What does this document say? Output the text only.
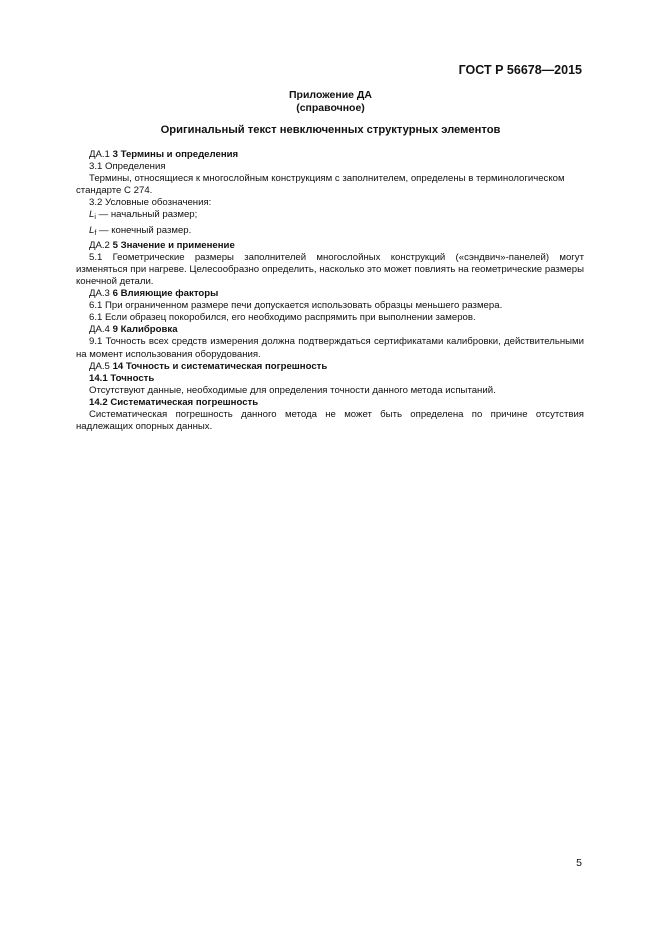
ГОСТ Р 56678—2015
Приложение ДА
(справочное)
Оригинальный текст невключенных структурных элементов

ДА.1 3 Термины и определения

3.1 Определения

Термины, относящиеся к многослойным конструкциям с заполнителем, определены в терминологическом стандарте С 274.

3.2 Условные обозначения:

$L_i$ — начальный размер;

$L_f$ — конечный размер.

ДА.2 5 Значение и применение

5.1 Геометрические размеры заполнителей многослойных конструкций («сэндвич»-панелей) могут изменяться при нагреве. Целесообразно определить, насколько это может повлиять на геометрические размеры конечной детали.

ДА.3 6 Влияющие факторы

6.1 При ограниченном размере печи допускается использовать образцы меньшего размера.

6.1 Если образец покоробился, его необходимо распрямить при выполнении замеров.

ДА.4 9 Калибровка

9.1 Точность всех средств измерения должна подтверждаться сертификатами калибровки, действительными на момент использования оборудования.

ДА.5 14 Точность и систематическая погрешность

14.1 Точность

Отсутствуют данные, необходимые для определения точности данного метода испытаний.

14.2 Систематическая погрешность

Систематическая погрешность данного метода не может быть определена по причине отсутствия надлежащих опорных данных.

5
